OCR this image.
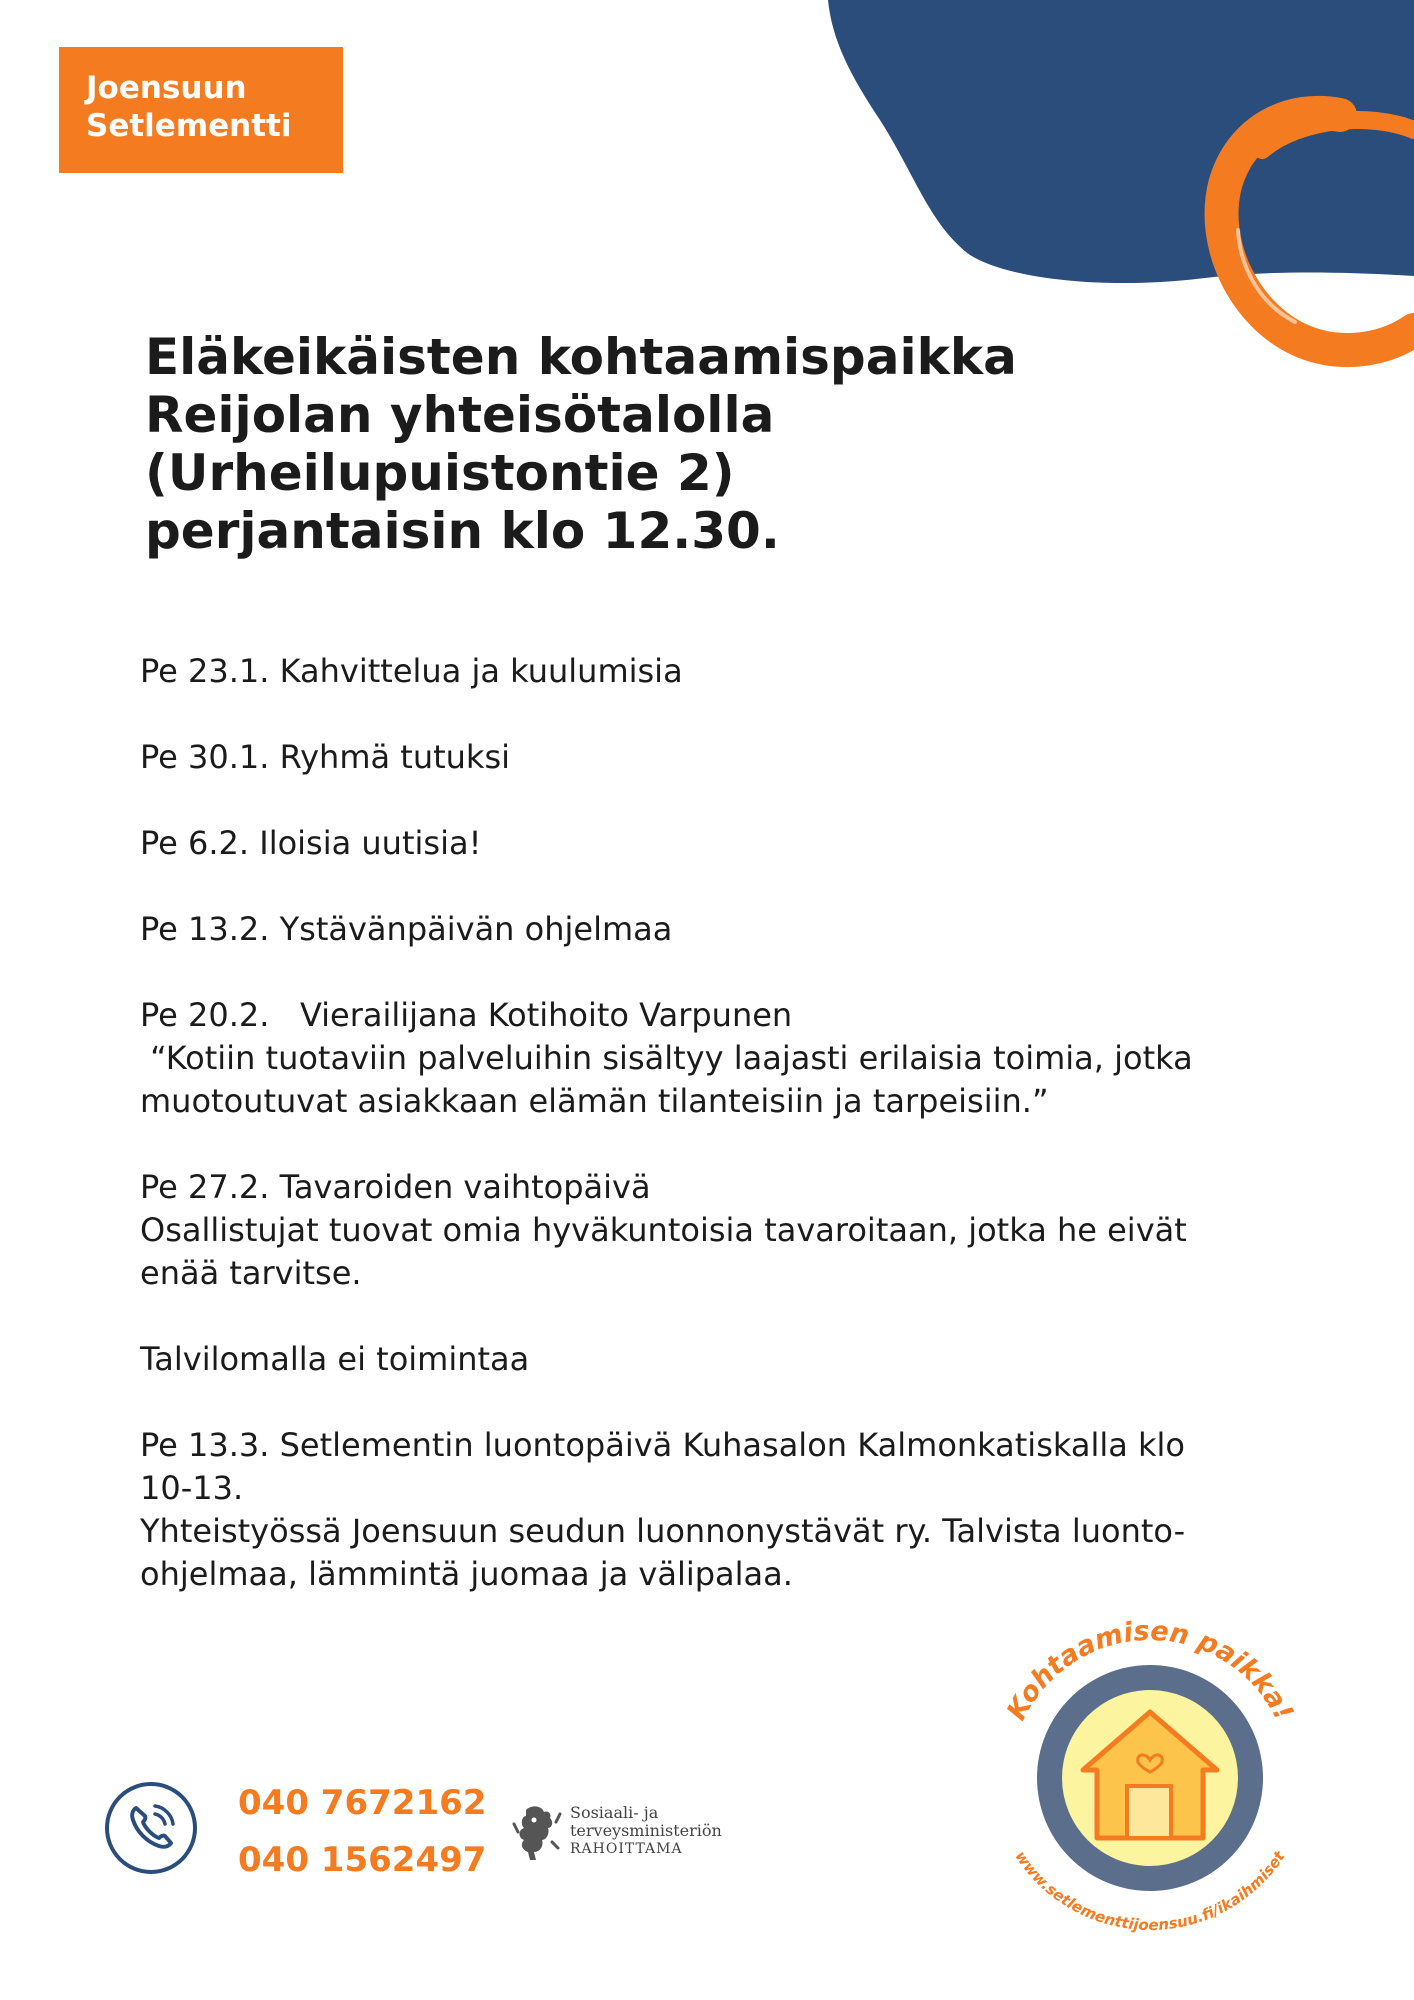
Joensuun
Setlementti
Eläkeikäisten kohtaamispaikka
Reijolan yhteisötalolla
(Urheilupuistontie 2)
perjantaisin klo 12.30.

Pe 23.1. Kahvittelua ja kuulumisia

Pe 30.1. Ryhmä tutuksi

Pe 6.2. Iloisia uutisia!

Pe 13.2. Ystävänpäivän ohjelmaa

Pe 20.2.   Vierailijana Kotihoito Varpunen

“Kotiin tuotaviin palveluihin sisältyy laajasti erilaisia toimia, jotka

muotoutuvat asiakkaan elämän tilanteisiin ja tarpeisiin.”

Pe 27.2. Tavaroiden vaihtopäivä

Osallistujat tuovat omia hyväkuntoisia tavaroitaan, jotka he eivät

enää tarvitse.

Talvilomalla ei toimintaa

Pe 13.3. Setlementin luontopäivä Kuhasalon Kalmonkatiskalla klo

10-13.

Yhteistyössä Joensuun seudun luonnonystävät ry. Talvista luonto-

ohjelmaa, lämmintä juomaa ja välipalaa.

040 7672162
040 1562497
Sosiaali- ja
terveysministeriön
RAHOITTAMA
Kohtaamisen paikka!
www.setlementtijoensuu.fi/ikaihmiset
